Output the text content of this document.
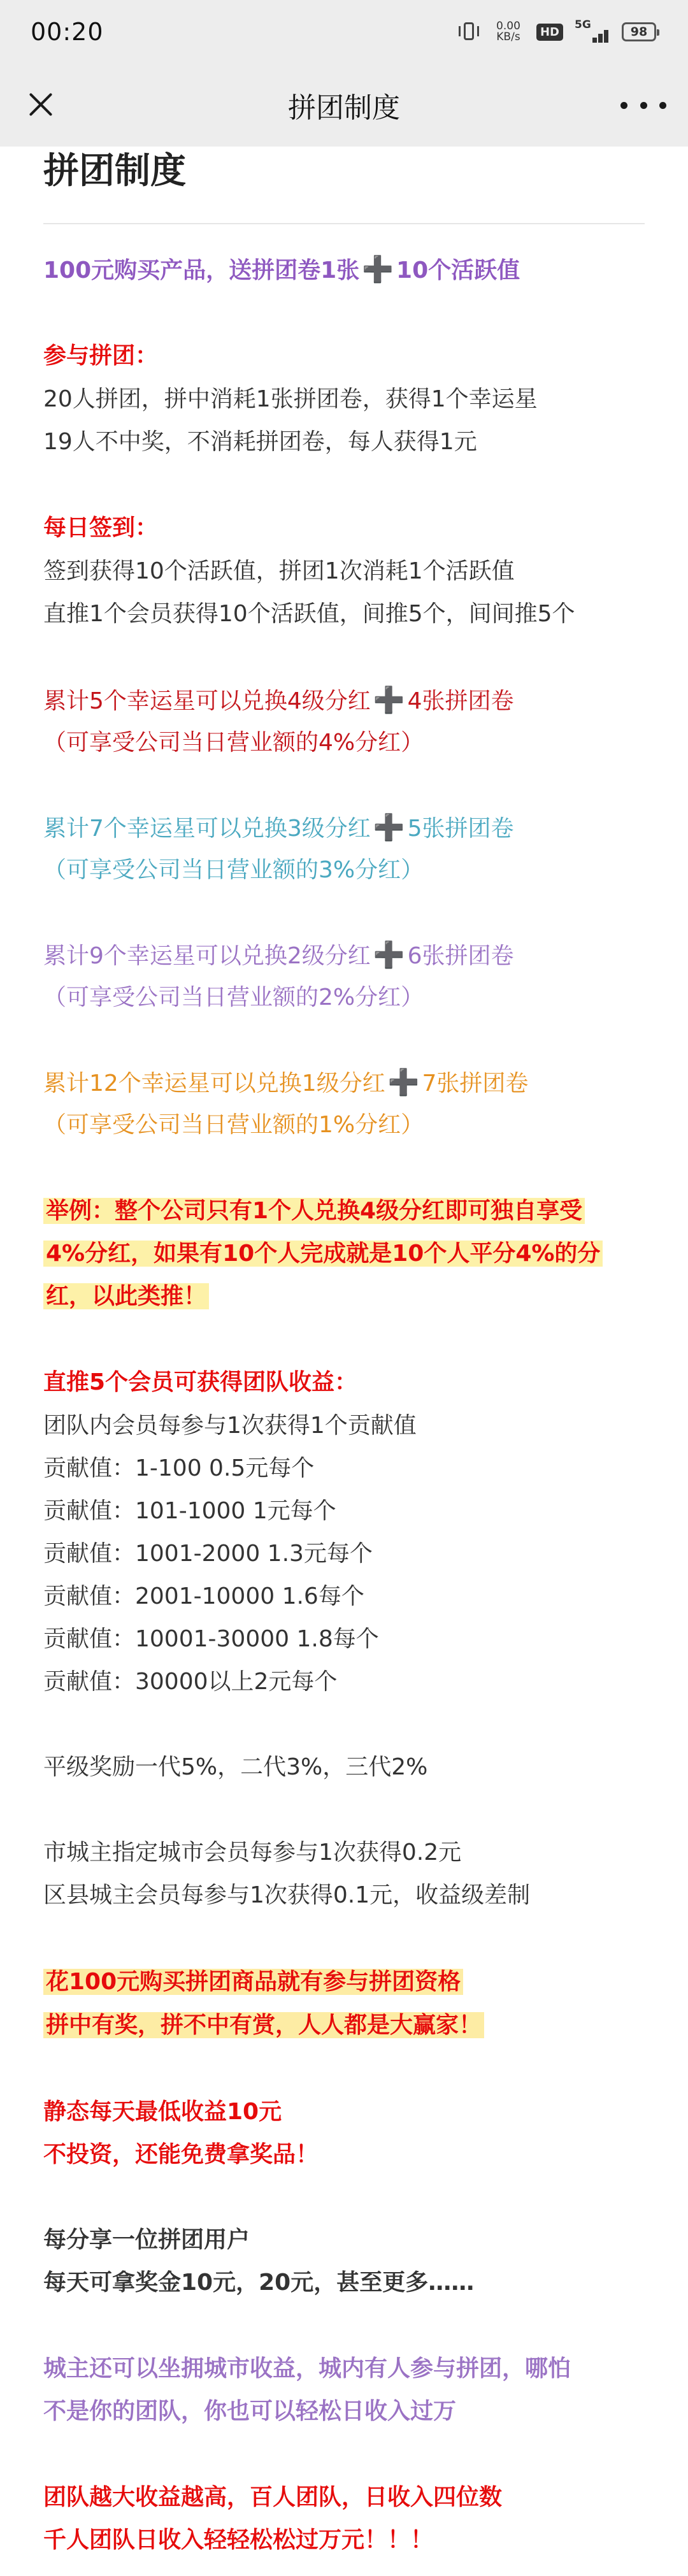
00:20	0.00
KB/s	HD
5G	98
拼团制度
拼团制度

100元购买产品，送拼团卷1张 ➕ 10个活跃值

参与拼团：

20人拼团，拼中消耗1张拼团卷，获得1个幸运星

19人不中奖，不消耗拼团卷，每人获得1元

每日签到：

签到获得10个活跃值，拼团1次消耗1个活跃值

直推1个会员获得10个活跃值，间推5个，间间推5个

累计5个幸运星可以兑换4级分红 ➕ 4张拼团卷

（可享受公司当日营业额的4%分红）

累计7个幸运星可以兑换3级分红 ➕ 5张拼团卷

（可享受公司当日营业额的3%分红）

累计9个幸运星可以兑换2级分红 ➕ 6张拼团卷

（可享受公司当日营业额的2%分红）

累计12个幸运星可以兑换1级分红 ➕ 7张拼团卷

（可享受公司当日营业额的1%分红）

举例：整个公司只有1个人兑换4级分红即可独自享受

4%分红，如果有10个人完成就是10个人平分4%的分

红，以此类推！

直推5个会员可获得团队收益：

团队内会员每参与1次获得1个贡献值

贡献值：1-100 0.5元每个

贡献值：101-1000 1元每个

贡献值：1001-2000 1.3元每个

贡献值：2001-10000 1.6每个

贡献值：10001-30000 1.8每个

贡献值：30000以上2元每个

平级奖励一代5%，二代3%，三代2%

市城主指定城市会员每参与1次获得0.2元

区县城主会员每参与1次获得0.1元，收益级差制

花100元购买拼团商品就有参与拼团资格

拼中有奖，拼不中有赏，人人都是大赢家！

静态每天最低收益10元

不投资，还能免费拿奖品！

每分享一位拼团用户

每天可拿奖金10元，20元，甚至更多……

城主还可以坐拥城市收益，城内有人参与拼团，哪怕

不是你的团队，你也可以轻松日收入过万

团队越大收益越高，百人团队，日收入四位数

千人团队日收入轻轻松松过万元！！！
